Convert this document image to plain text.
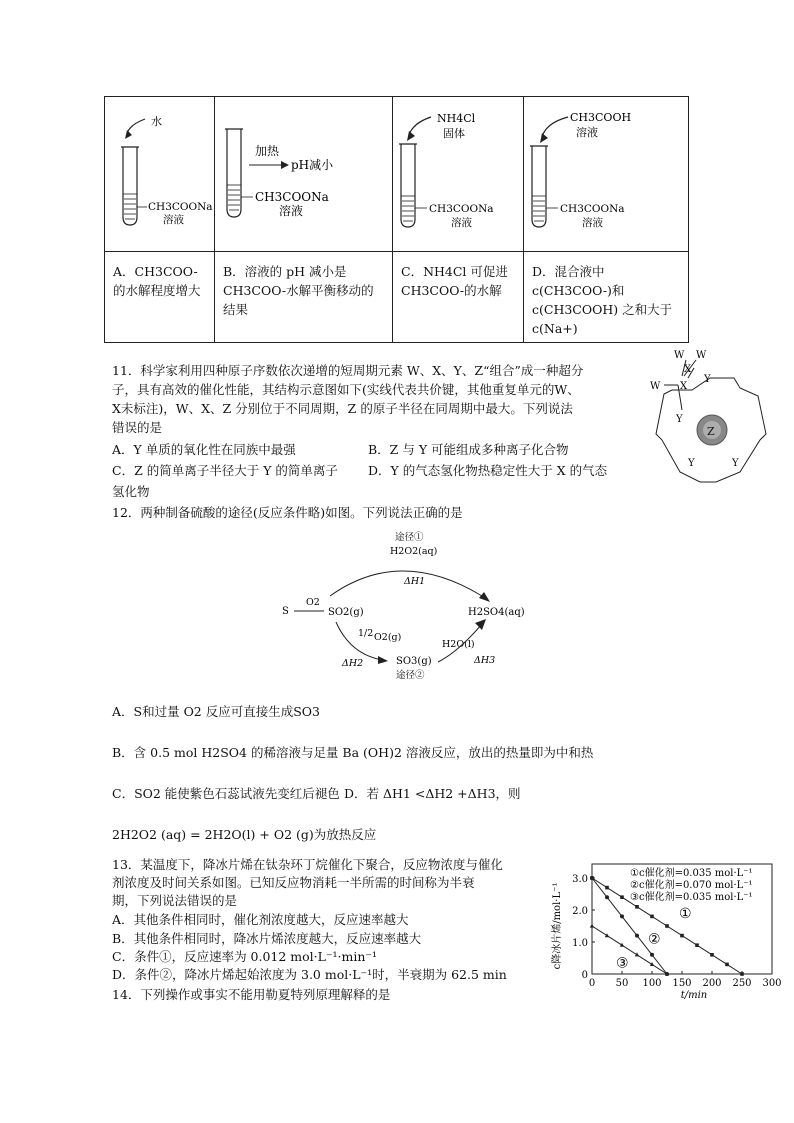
水
CH3COONa
溶液	加热
pH减小
CH3COONa
溶液	NH4Cl
固体
CH3COONa
溶液	CH3COOH
溶液
CH3COONa
溶液

A．CH3COO- 的水解程度增大	B．溶液的 pH 减小是 CH3COO-水解平衡移动的结果	C．NH4Cl 可促进 CH3COO-的水解	D．混合液中 c(CH3COO-)和 c(CH3COOH) 之和大于 c(Na+)
11．科学家利用四种原子序数依次递增的短周期元素 W、X、Y、Z“组合”成一种超分
子，具有高效的催化性能，其结构示意图如下(实线代表共价键，其他重复单元的W、
X未标注)，W、X、Z 分别位于不同周期，Z 的原子半径在同周期中最大。下列说法
错误的是
A．Y 单质的氧化性在同族中最强	B．Z 与 Y 可能组成多种离子化合物
C．Z 的简单离子半径大于 Y 的简单离子 D．Y 的气态氢化物热稳定性大于 X 的气态
氢化物
W W
X
W X
Y
Y
Y	Y
Z
12．两种制备硫酸的途径(反应条件略)如图。下列说法正确的是
途径①
H2O2(aq)
ΔH1
S
O2
SO2(g)	H2SO4(aq)
1/2 O2(g)
H2O(l)
SO3(g)
ΔH2	ΔH3
途径②
A．S和过量 O2 反应可直接生成SO3
B．含 0.5 mol H2SO4 的稀溶液与足量 Ba (OH)2 溶液反应，放出的热量即为中和热
C．SO2 能使紫色石蕊试液先变红后褪色 D．若 ΔH1 <ΔH2 +ΔH3，则
2H2O2 (aq) = 2H2O(l) + O2 (g)为放热反应
13．某温度下，降冰片烯在钛杂环丁烷催化下聚合，反应物浓度与催化
剂浓度及时间关系如图。已知反应物消耗一半所需的时间称为半衰
期，下列说法错误的是
A．其他条件相同时，催化剂浓度越大，反应速率越大
B．其他条件相同时，降冰片烯浓度越大，反应速率越大
C．条件①，反应速率为 0.012 mol·L⁻¹·min⁻¹
D．条件②，降冰片烯起始浓度为 3.0 mol·L⁻¹时，半衰期为 62.5 min
14．下列操作或事实不能用勒夏特列原理解释的是
0 50 100 150 200 250 300
0
1.0
2.0
3.0
t/min
c降冰片烯/mol·L⁻¹	①
②
③
①c催化剂=0.035 mol·L⁻¹
②c催化剂=0.070 mol·L⁻¹
③c催化剂=0.035 mol·L⁻¹
